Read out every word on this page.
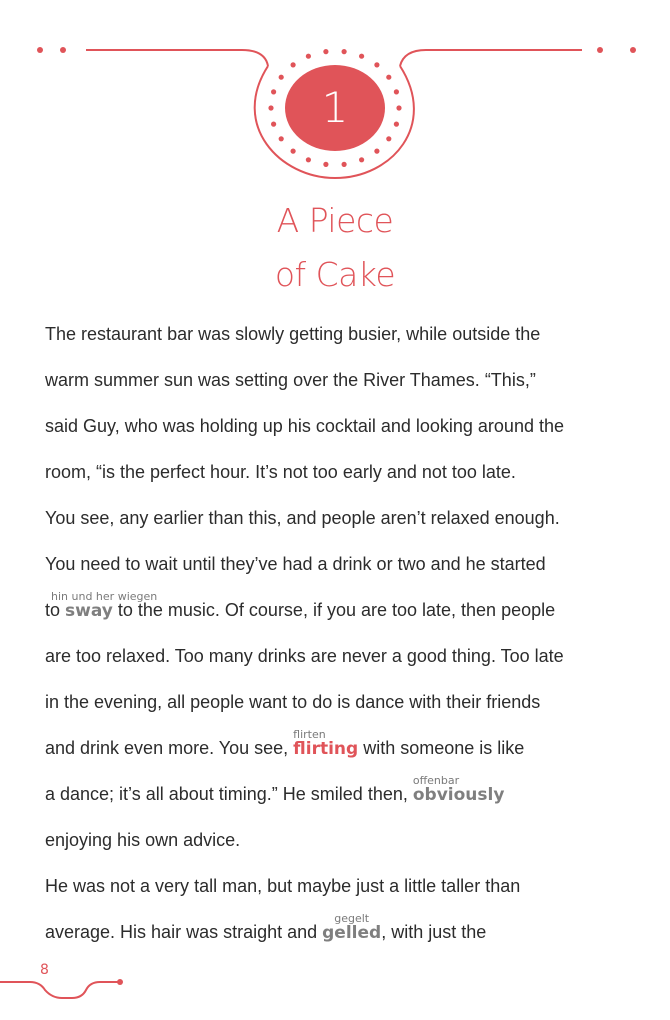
1
A Piece
of Cake
The restaurant bar was slowly getting busier, while outside the
warm summer sun was setting over the River Thames. “This,”
said Guy, who was holding up his cocktail and looking around the
room, “is the perfect hour. It’s not too early and not too late.
You see, any earlier than this, and people aren’t relaxed enough.
You need to wait until they’ve had a drink or two and he started
to
hin und her wiegen
sway to the music. Of course, if you are too late, then people
are too relaxed. Too many drinks are never a good thing. Too late
in the evening, all people want to do is dance with their friends
and drink even more. You see,
flirten
flirting with someone is like
a dance; it’s all about timing.” He smiled then,
offenbar
obviously
enjoying his own advice.
He was not a very tall man, but maybe just a little taller than
average. His hair was straight and
gegelt
gelled, with just the
8
